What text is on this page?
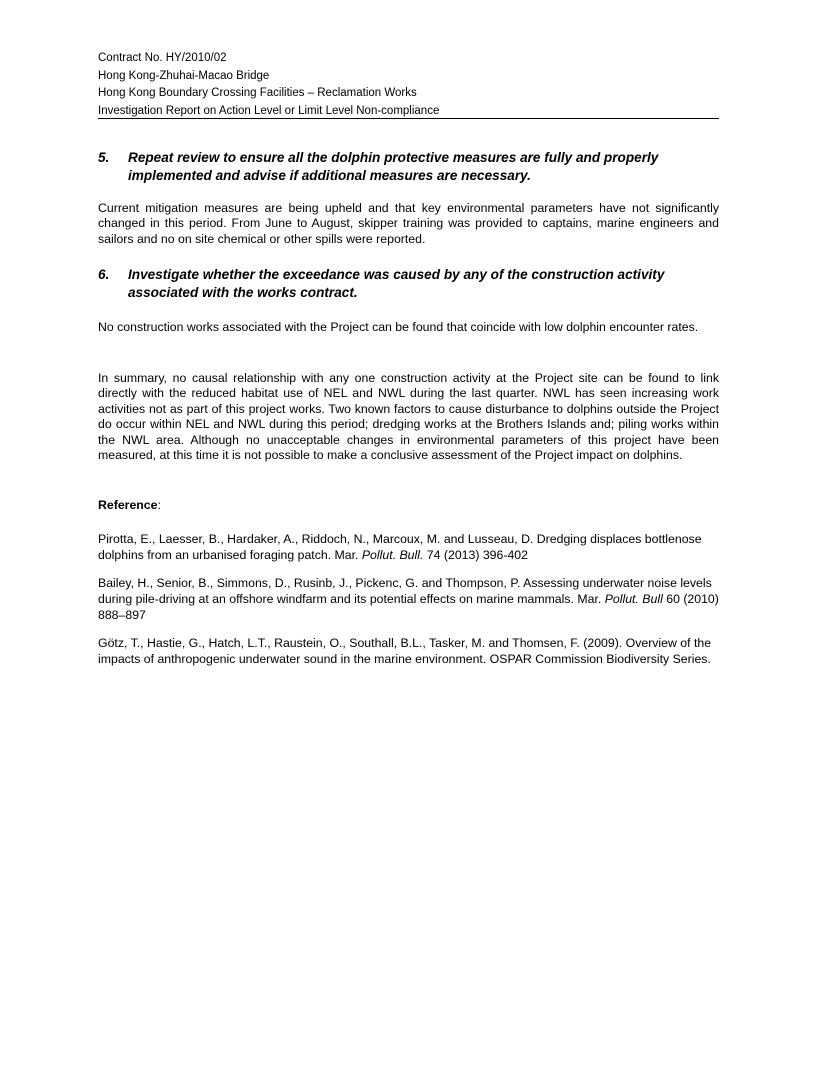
Contract No. HY/2010/02
Hong Kong-Zhuhai-Macao Bridge
Hong Kong Boundary Crossing Facilities – Reclamation Works
Investigation Report on Action Level or Limit Level Non-compliance
5. Repeat review to ensure all the dolphin protective measures are fully and properly implemented and advise if additional measures are necessary.
Current mitigation measures are being upheld and that key environmental parameters have not significantly changed in this period. From June to August, skipper training was provided to captains, marine engineers and sailors and no on site chemical or other spills were reported.
6. Investigate whether the exceedance was caused by any of the construction activity associated with the works contract.
No construction works associated with the Project can be found that coincide with low dolphin encounter rates.
In summary, no causal relationship with any one construction activity at the Project site can be found to link directly with the reduced habitat use of NEL and NWL during the last quarter. NWL has seen increasing work activities not as part of this project works. Two known factors to cause disturbance to dolphins outside the Project do occur within NEL and NWL during this period; dredging works at the Brothers Islands and; piling works within the NWL area. Although no unacceptable changes in environmental parameters of this project have been measured, at this time it is not possible to make a conclusive assessment of the Project impact on dolphins.
Reference:
Pirotta, E., Laesser, B., Hardaker, A., Riddoch, N., Marcoux, M. and Lusseau, D. Dredging displaces bottlenose dolphins from an urbanised foraging patch. Mar. Pollut. Bull. 74 (2013) 396-402
Bailey, H., Senior, B., Simmons, D., Rusinb, J., Pickenc, G. and Thompson, P. Assessing underwater noise levels during pile-driving at an offshore windfarm and its potential effects on marine mammals. Mar. Pollut. Bull 60 (2010) 888–897
Götz, T., Hastie, G., Hatch, L.T., Raustein, O., Southall, B.L., Tasker, M. and Thomsen, F. (2009). Overview of the impacts of anthropogenic underwater sound in the marine environment. OSPAR Commission Biodiversity Series.
